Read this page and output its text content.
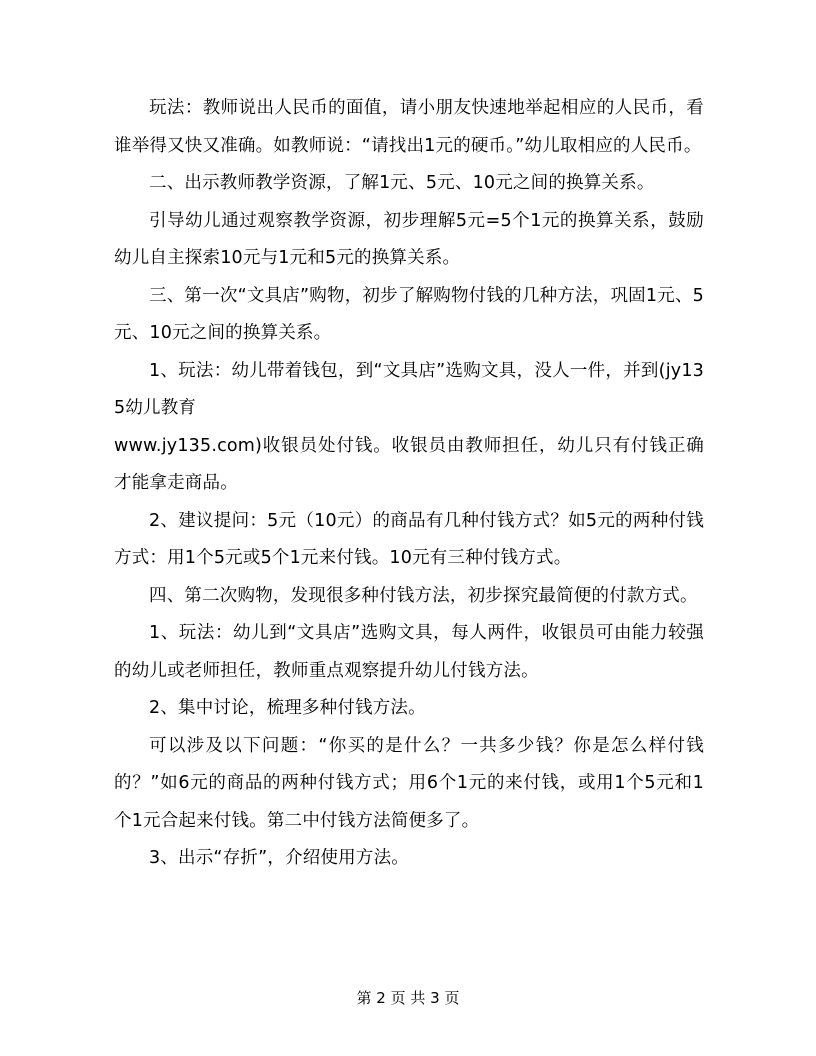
玩法：教师说出人民币的面值，请小朋友快速地举起相应的人民币，看谁举得又快又准确。如教师说：“请找出1元的硬币。”幼儿取相应的人民币。

二、出示教师教学资源，了解1元、5元、10元之间的换算关系。

引导幼儿通过观察教学资源，初步理解5元=5个1元的换算关系，鼓励幼儿自主探索10元与1元和5元的换算关系。

三、第一次“文具店”购物，初步了解购物付钱的几种方法，巩固1元、5元、10元之间的换算关系。

1、玩法：幼儿带着钱包，到“文具店”选购文具，没人一件，并到(jy135幼儿教育

www.jy135.com)收银员处付钱。收银员由教师担任，幼儿只有付钱正确才能拿走商品。

2、建议提问：5元（10元）的商品有几种付钱方式？如5元的两种付钱方式：用1个5元或5个1元来付钱。10元有三种付钱方式。

四、第二次购物，发现很多种付钱方法，初步探究最简便的付款方式。

1、玩法：幼儿到“文具店”选购文具，每人两件，收银员可由能力较强的幼儿或老师担任，教师重点观察提升幼儿付钱方法。

2、集中讨论，梳理多种付钱方法。

可以涉及以下问题：“你买的是什么？一共多少钱？你是怎么样付钱的？”如6元的商品的两种付钱方式；用6个1元的来付钱，或用1个5元和1个1元合起来付钱。第二中付钱方法简便多了。

3、出示“存折”，介绍使用方法。

第 2 页 共 3 页
